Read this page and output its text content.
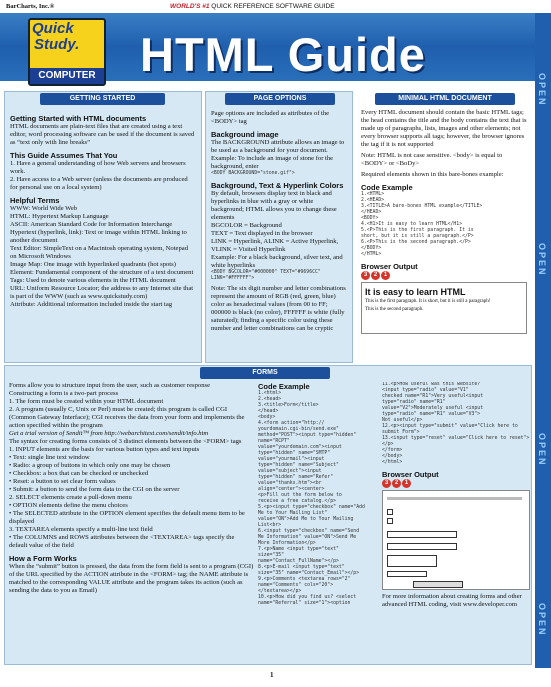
BarCharts, Inc.®	WORLD'S #1 QUICK REFERENCE SOFTWARE GUIDE
HTML Guide
Quick
Study.
COMPUTER	OPEN
OPEN
OPEN
OPEN
Getting Started with HTML documents
HTML documents are plain-text files that are created using a text editor, word processing software can be used if the document is saved as “text only with line breaks”
This Guide Assumes That You
1. Have a general understanding of how Web servers and browsers work.
2. Have access to a Web server (unless the documents are produced for personal use on a local system)
Helpful Terms
WWW: World Wide Web
HTML: Hypertext Markup Language
ASCII: American Standard Code for Information Interchange
Hypertext (hyperlink, link): Text or image within HTML linking to another document
Text Editor: SimpleText on a Macintosh operating system, Notepad on Microsoft Windows
Image Map: One image with hyperlinked quadrants (hot spots)
Element: Fundamental component of the structure of a text document
Tags: Used to denote various elements in the HTML document
URL: Uniform Resource Locator; the address to any Internet site that is part of the WWW (such as www.quickstudy.com)
Attribute: Additional information included inside the start tag
GETTING STARTED
Page options are included as attributes of the <BODY> tag
Background image
The BACKGROUND attribute allows an image to be used as a background for your document. Example: To include an image of stone for the background, enter
<BODY BACKGROUND="stone.gif">
Background, Text & Hyperlink Colors
By default, browsers display text in black and hyperlinks in blue with a gray or white background; HTML allows you to change these elements
BGCOLOR = Background
TEXT = Text displayed in the browser
LINK = Hyperlink, ALINK = Active Hyperlink, VLINK = Visited Hyperlink
Example: For a black background, silver text, and white hyperlinks
<BODY BGCOLOR="#000000" TEXT="#9696CC" LINK="#FFFFFF">
Note: The six digit number and letter combinations represent the amount of RGB (red, green, blue) color as hexadecimal values (from 00 to FF; 000000 is black (no color), FFFFFF is white (fully saturated); finding a specific color using these number and letter combinations can be cryptic
PAGE OPTIONS
Every HTML document should contain the basic HTML tags; the head contains the title and the body contains the text that is made up of paragraphs, lists, images and other elements; not every browser supports all tags; however, the browser ignores the tag if it is not supported
Note: HTML is not case sensitive. <body> is equal to <BODY> or <BoDy>
Required elements shown in this bare-bones example:
Code Example
1.<HTML>
2.<HEAD>
3.<TITLE>A bare-bones HTML example</TITLE>
</HEAD>
<BODY>
4.<H1>It is easy to learn HTML</H1>
5.<P>This is the first paragraph. It is
short, but it is still a paragraph.</P>
6.<P>This is the second paragraph.</P>
</BODY>
</HTML>
Browser Output
3 2 1
It is easy to learn HTML
This is the first paragraph. It is short, but it is still a paragraph!
This is the second paragraph.
MINIMAL HTML DOCUMENT
FORMS
Forms allow you to structure input from the user, such as customer response
Constructing a form is a two-part process
1. The form must be created within your HTML document
2. A program (usually C, Unix or Perl) must be created; this program is called CGI (Common Gateway Interface); CGI receives the data from your form and implements the action specified within the program
Get a trial version of Sendit™ from http://webarchitext.com/sendit/info.htm
The syntax for creating forms consists of 3 distinct elements between the <FORM> tags
1. INPUT elements are the basis for various button types and text inputs
• Text: single line text window
• Radio: a group of buttons in which only one may be chosen
• Checkbox: a box that can be checked or unchecked
• Reset: a button to set clear form values
• Submit: a button to send the form data to the CGI on the server
2. SELECT elements create a pull-down menu
• OPTION elements define the menu choices
• The SELECTED attribute in the OPTION element specifies the default menu item to be displayed
3. TEXTAREA elements specify a multi-line text field
• The COLUMNS and ROWS attributes between the <TEXTAREA> tags specify the default value of the field
How a Form Works
When the “submit” button is pressed, the data from the form field is sent to a program (CGI) of the URL specified by the ACTION attribute in the <FORM> tag; the NAME attribute is matched to the corresponding VALUE attribute and the program takes its action (such as sending the data to you as Email)
Code Example
1.<html>
2.<head>
3.<title>Form</title>
</head>
<body>
4.<form action="http://
yourdomain.cgi-bin/send.exe"
method="POST"><input type="hidden"
name="RCPT"
value="yourdomain.com"><input
type="hidden" name="SMTP"
value="yourmail"><input
type="hidden" name="Subject"
value="subject"><input
type="hidden" name="Refer"
value="thanks.htm"><br
align="center"><center>
<p>Fill out the form below to
receive a free catalog.</p>
5.<p><input type="checkbox" name="Add
Me to Your Mailing List"
value="ON">Add Me to Your Mailing
List<br>
6.<input type="checkbox" name="Send
Me Information" value="ON">Send Me
More Information</p>
7.<p>Name <input type="text"
size="35"
name="Contact_FullName"></p>
8.<p>E-mail <input type="text"
size="35" name="Contact_Email"></p>
9.<p>Comments <textarea rows="2"
name="Comments" cols="20">
</textarea></p>
10.<p>How did you find us? <select
name="Referral" size="1"><option
11.<p>How useful was this website?
<input type="radio" value="V1"
checked name="R1">Very useful<input
type="radio" name="R1"
value="V2">Moderately useful <input
type="radio" name="R1" value="V3">
Not useful</p>
12.<p><input type="submit" value="Click here to
submit Form">
13.<input type="reset" value="Click here to reset">
</p>
</form>
</body>
</html>
Browser Output
3 2 1
For more information about creating forms and other advanced HTML coding, visit www.developer.com
1
